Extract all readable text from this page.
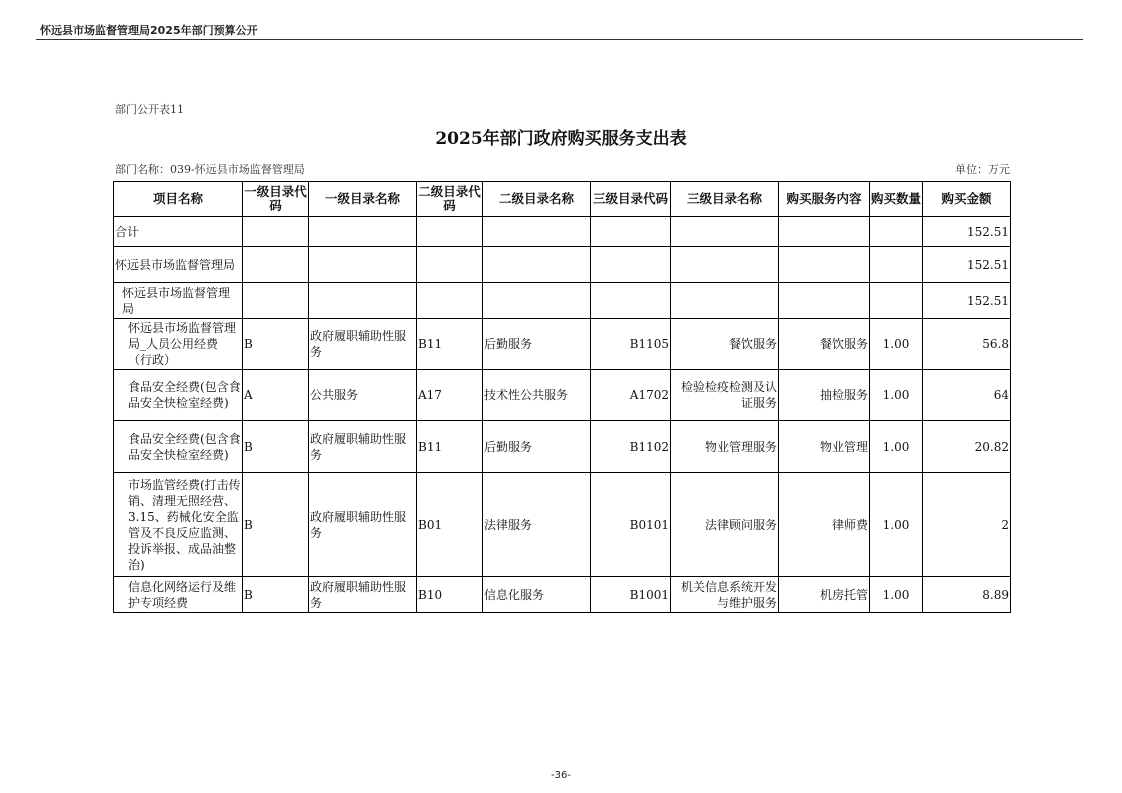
怀远县市场监督管理局2025年部门预算公开
部门公开表11
2025年部门政府购买服务支出表
部门名称：039-怀远县市场监督管理局	单位：万元
项目名称	一级目录代码	一级目录名称	二级目录代码	二级目录名称	三级目录代码	三级目录名称	购买服务内容	购买数量	购买金额
合计									152.51
怀远县市场监督管理局									152.51
怀远县市场监督管理局									152.51
怀远县市场监督管理局_人员公用经费（行政）	B	政府履职辅助性服务	B11	后勤服务	B1105	餐饮服务	餐饮服务	1.00	56.8
食品安全经费(包含食品安全快检室经费)	A	公共服务	A17	技术性公共服务	A1702	检验检疫检测及认证服务	抽检服务	1.00	64
食品安全经费(包含食品安全快检室经费)	B	政府履职辅助性服务	B11	后勤服务	B1102	物业管理服务	物业管理	1.00	20.82
市场监管经费(打击传销、清理无照经营、3.15、药械化安全监管及不良反应监测、投诉举报、成品油整治)	B	政府履职辅助性服务	B01	法律服务	B0101	法律顾问服务	律师费	1.00	2
信息化网络运行及维护专项经费	B	政府履职辅助性服务	B10	信息化服务	B1001	机关信息系统开发与维护服务	机房托管	1.00	8.89
-36-
